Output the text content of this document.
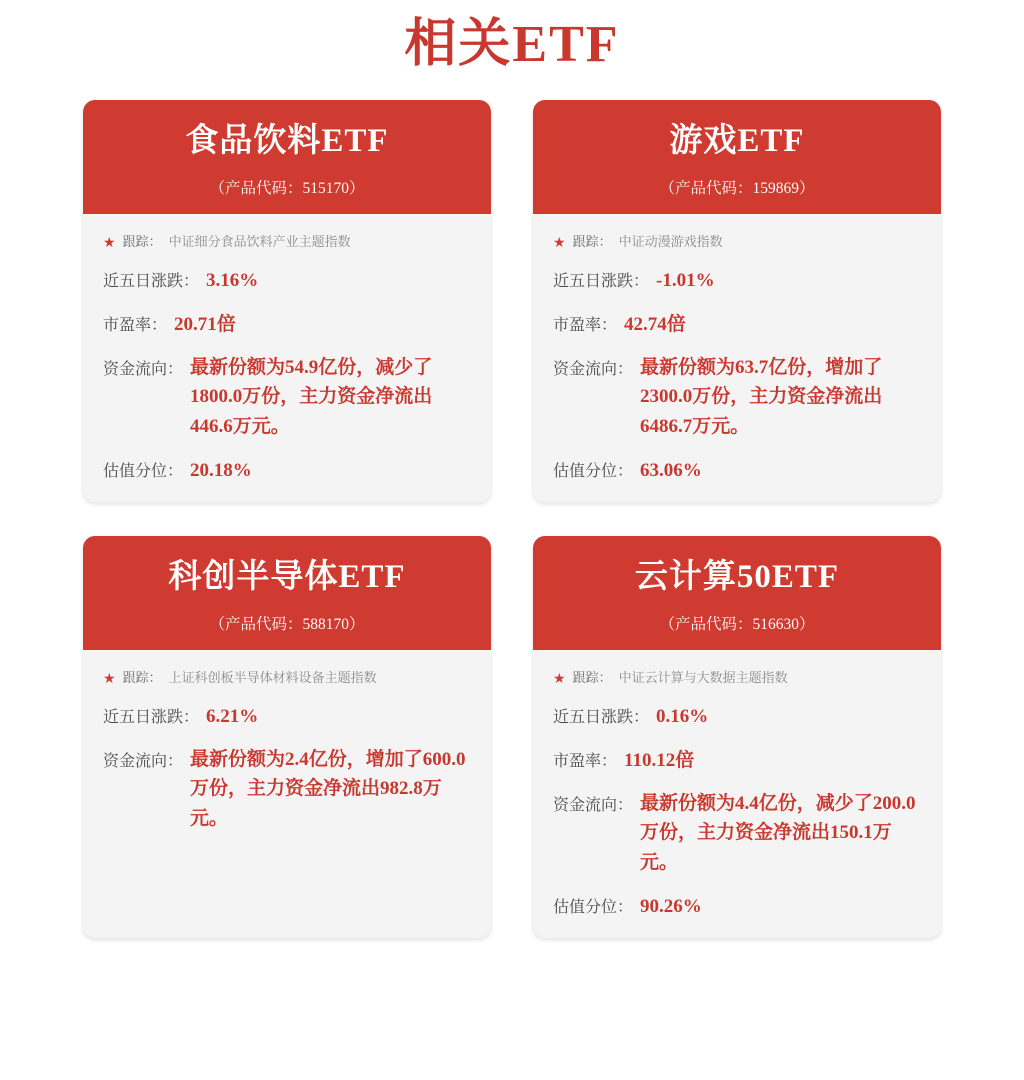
相关ETF
食品饮料ETF
（产品代码：515170）
★ 跟踪： 中证细分食品饮料产业主题指数
近五日涨跌： 3.16%
市盈率： 20.71倍
资金流向： 最新份额为54.9亿份，减少了1800.0万份，主力资金净流出446.6万元。
估值分位： 20.18%
游戏ETF
（产品代码：159869）
★ 跟踪： 中证动漫游戏指数
近五日涨跌： -1.01%
市盈率： 42.74倍
资金流向： 最新份额为63.7亿份，增加了2300.0万份，主力资金净流出6486.7万元。
估值分位： 63.06%
科创半导体ETF
（产品代码：588170）
★ 跟踪： 上证科创板半导体材料设备主题指数
近五日涨跌： 6.21%
资金流向： 最新份额为2.4亿份，增加了600.0万份，主力资金净流出982.8万元。
云计算50ETF
（产品代码：516630）
★ 跟踪： 中证云计算与大数据主题指数
近五日涨跌： 0.16%
市盈率： 110.12倍
资金流向： 最新份额为4.4亿份，减少了200.0万份，主力资金净流出150.1万元。
估值分位： 90.26%
